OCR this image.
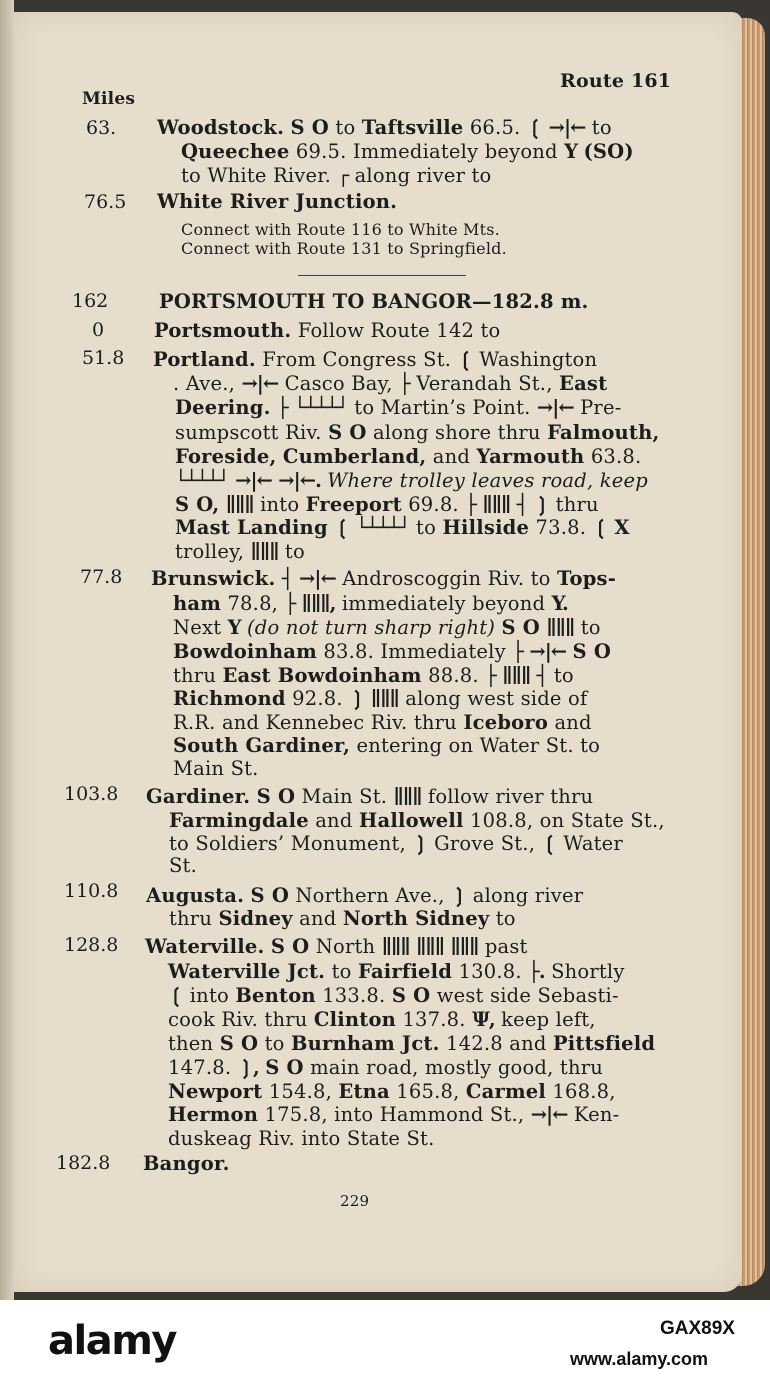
Miles
Route 161
63.
76.5
162
0
51.8
77.8
103.8
110.8
128.8
182.8
Woodstock. S O to Taftsville 66.5. ❲ →|← to
Queechee 69.5. Immediately beyond Y (SO)
to White River. ┌ along river to
White River Junction.
Connect with Route 116 to White Mts.
Connect with Route 131 to Springfield.
PORTSMOUTH TO BANGOR—182.8 m.
Portsmouth. Follow Route 142 to
Portland. From Congress St. ❲ Washington
. Ave., →|← Casco Bay, ├ Verandah St., East
Deering. ├ └┴┴┴┘ to Martin’s Point. →|← Pre-
sumpscott Riv. S O along shore thru Falmouth,
Foreside, Cumberland, and Yarmouth 63.8.
└┴┴┴┘ →|← →|←. Where trolley leaves road, keep
S O, ∥∥∥ into Freeport 69.8. ├ ∥∥∥ ┤ ❳ thru
Mast Landing ❲ └┴┴┴┘ to Hillside 73.8. ❲ X
trolley, ∥∥∥ to
Brunswick. ┤ →|← Androscoggin Riv. to Tops-
ham 78.8, ├ ∥∥∥, immediately beyond Y.
Next Y (do not turn sharp right) S O ∥∥∥ to
Bowdoinham 83.8. Immediately ├ →|← S O
thru East Bowdoinham 88.8. ├ ∥∥∥ ┤ to
Richmond 92.8. ❳ ∥∥∥ along west side of
R.R. and Kennebec Riv. thru Iceboro and
South Gardiner, entering on Water St. to
Main St.
Gardiner. S O Main St. ∥∥∥ follow river thru
Farmingdale and Hallowell 108.8, on State St.,
to Soldiers’ Monument, ❳ Grove St., ❲ Water
St.
Augusta. S O Northern Ave., ❳ along river
thru Sidney and North Sidney to
Waterville. S O North ∥∥∥ ∥∥∥ ∥∥∥ past
Waterville Jct. to Fairfield 130.8. ├. Shortly
❲ into Benton 133.8. S O west side Sebasti-
cook Riv. thru Clinton 137.8. Ψ, keep left,
then S O to Burnham Jct. 142.8 and Pittsfield
147.8. ❳, S O main road, mostly good, thru
Newport 154.8, Etna 165.8, Carmel 168.8,
Hermon 175.8, into Hammond St., →|← Ken-
duskeag Riv. into State St.
Bangor.
229
alamy	GAX89X
www.alamy.com
